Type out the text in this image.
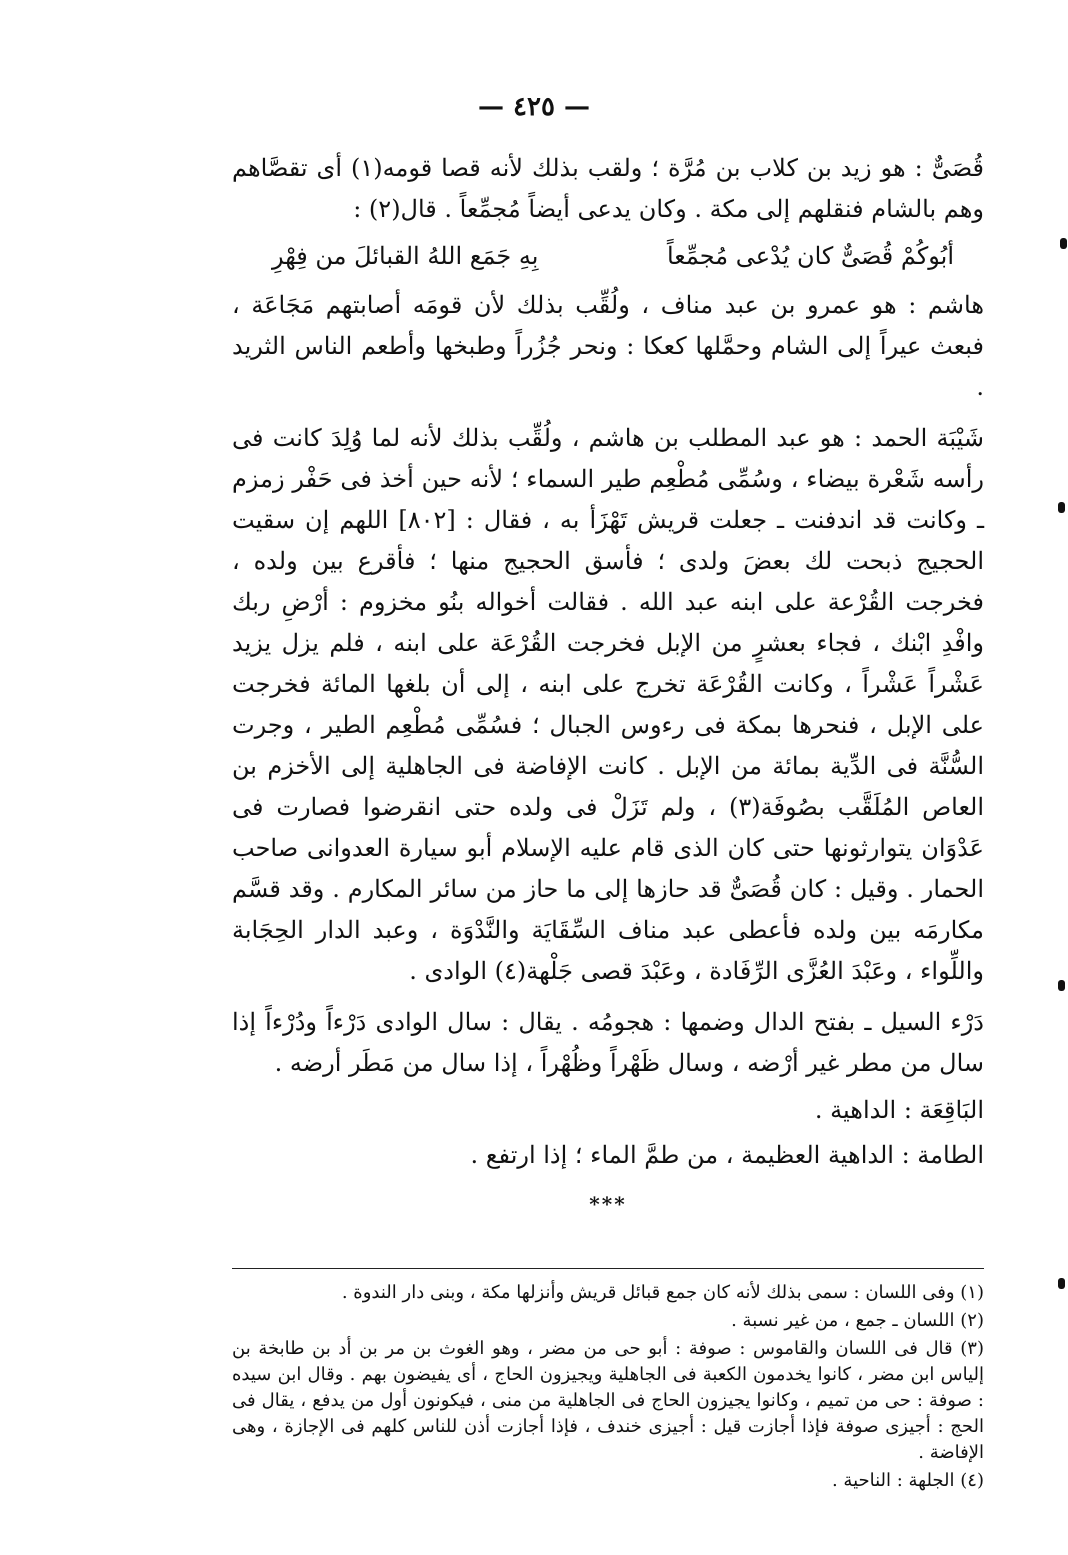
— ٤٢٥ —

قُصَىٌّ : هو زيد بن كلاب بن مُرَّة ؛ ولقب بذلك لأنه قصا قومه(١) أى تقصَّاهم وهم بالشام فنقلهم إلى مكة . وكان يدعى أيضاً مُجمِّعاً . قال(٢) :

أبُوكُمْ قُصَىٌّ كان يُدْعى مُجمِّعاً
بِهِ جَمَع اللهُ القبائلَ من فِهْرِ

هاشم : هو عمرو بن عبد مناف ، ولُقِّب بذلك لأن قومَه أصابتهم مَجَاعَة ، فبعث عيراً إلى الشام وحمَّلها كعكا : ونحر جُزُراً وطبخها وأطعم الناس الثريد .

شَيْبَة الحمد : هو عبد المطلب بن هاشم ، ولُقِّب بذلك لأنه لما وُلِدَ كانت فى رأسه شَعْرة بيضاء ، وسُمِّى مُطْعِم طير السماء ؛ لأنه حين أخذ فى حَفْر زمزم ـ وكانت قد اندفنت ـ جعلت قريش تَهْزَأ به ، فقال : [٨٠٢] اللهم إن سقيت الحجيج ذبحت لك بعضَ ولدى ؛ فأسق الحجيج منها ؛ فأقرع بين ولده ، فخرجت القُرْعة على ابنه عبد الله . فقالت أخواله بنُو مخزوم : أرْضِ ربك وافْدِ ابْنك ، فجاء بعشرٍ من الإبل فخرجت القُرْعَة على ابنه ، فلم يزل يزيد عَشْراً عَشْراً ، وكانت القُرْعَة تخرج على ابنه ، إلى أن بلغها المائة فخرجت على الإبل ، فنحرها بمكة فى رءوس الجبال ؛ فسُمِّى مُطْعِم الطير ، وجرت السُّنَّة فى الدِّية بمائة من الإبل . كانت الإفاضة فى الجاهلية إلى الأخزم بن العاص المُلَقَّب بصُوفَة(٣) ، ولم تَزَلْ فى ولده حتى انقرضوا فصارت فى عَدْوَان يتوارثونها حتى كان الذى قام عليه الإسلام أبو سيارة العدوانى صاحب الحمار . وقيل : كان قُصَىٌّ قد حازها إلى ما حاز من سائر المكارم . وقد قسَّم مكارمَه بين ولده فأعطى عبد مناف السِّقَايَة والنَّدْوَة ، وعبد الدار الحِجَابة واللِّواء ، وعَبْدَ العُزَّى الرِّفَادة ، وعَبْدَ قصى جَلْهة(٤) الوادى .

دَرْء السيل ـ بفتح الدال وضمها : هجومُه . يقال : سال الوادى دَرْءاً ودُرْءاً إذا سال من مطر غير أرْضه ، وسال ظَهْراً وظُهْراً ، إذا سال من مَطَر أرضه .

البَاقِعَة : الداهية .

الطامة : الداهية العظيمة ، من طمَّ الماء ؛ إذا ارتفع .

***

(١) وفى اللسان : سمى بذلك لأنه كان جمع قبائل قريش وأنزلها مكة ، وبنى دار الندوة .

(٢) اللسان ـ جمع ، من غير نسبة .

(٣) قال فى اللسان والقاموس : صوفة : أبو حى من مضر ، وهو الغوث بن مر بن أد بن طابخة بن إلياس ابن مضر ، كانوا يخدمون الكعبة فى الجاهلية ويجيزون الحاج ، أى يفيضون بهم . وقال ابن سيده : صوفة : حى من تميم ، وكانوا يجيزون الحاج فى الجاهلية من منى ، فيكونون أول من يدفع ، يقال فى الحج : أجيزى صوفة فإذا أجازت قيل : أجيزى خندف ، فإذا أجازت أذن للناس كلهم فى الإجازة ، وهى الإفاضة .

(٤) الجلهة : الناحية .
